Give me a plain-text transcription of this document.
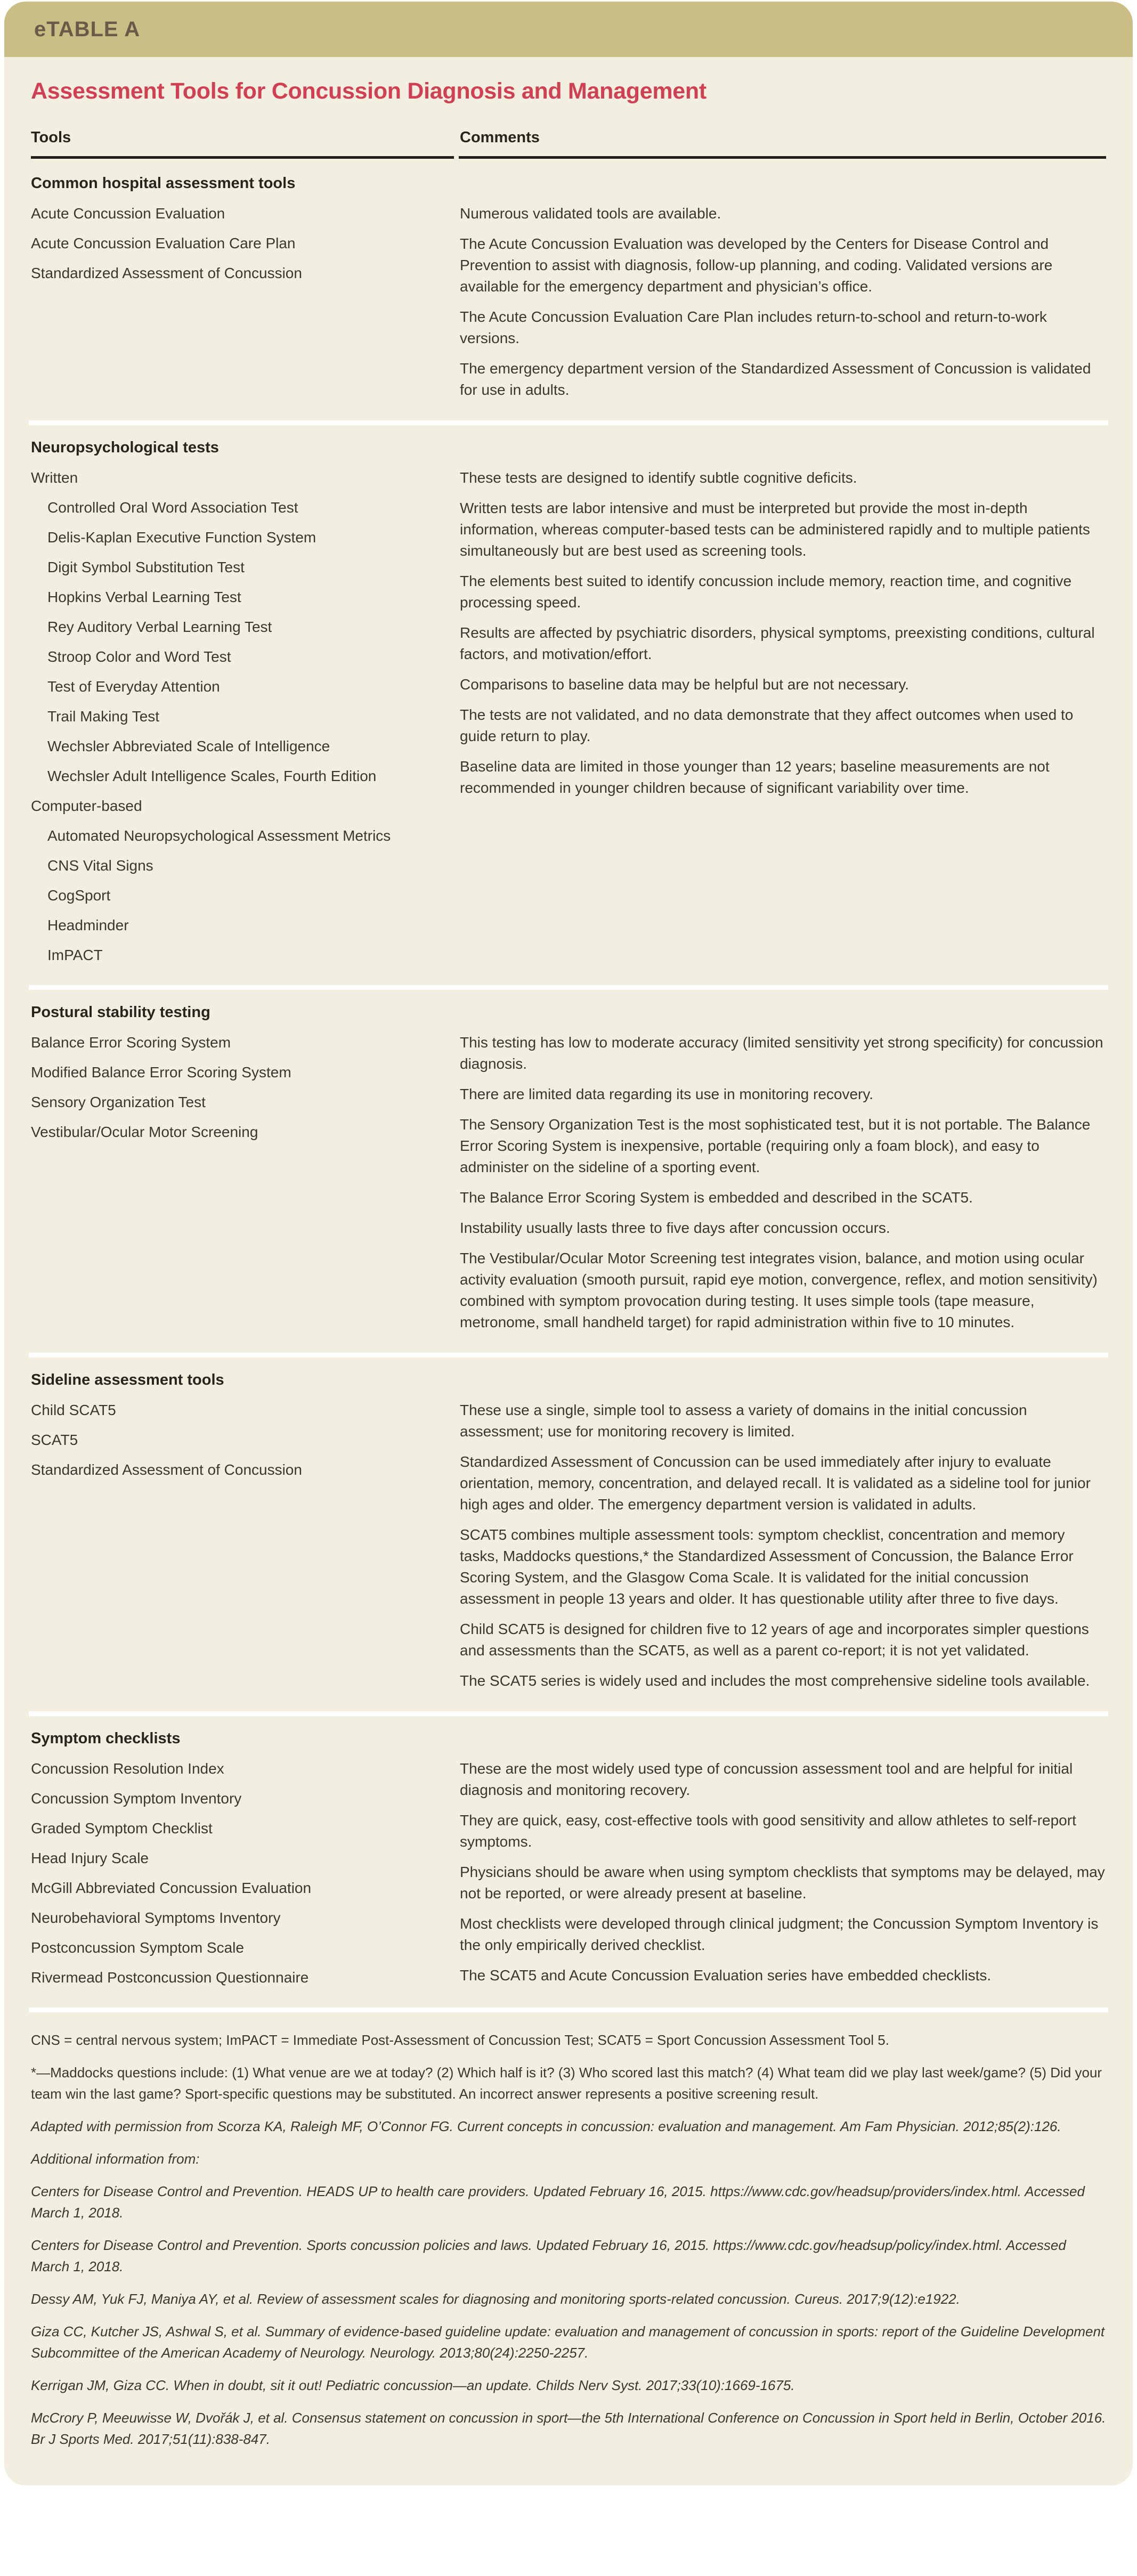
eTABLE A
Assessment Tools for Concussion Diagnosis and Management
Tools	Comments
Common hospital assessment tools
Acute Concussion Evaluation
Acute Concussion Evaluation Care Plan
Standardized Assessment of Concussion

Numerous validated tools are available.

The Acute Concussion Evaluation was developed by the Centers for Disease Control and Prevention to assist with diagnosis, follow-up planning, and coding. Validated versions are available for the emergency department and physician’s office.

The Acute Concussion Evaluation Care Plan includes return-to-school and return-to-work versions.

The emergency department version of the Standardized Assessment of Concussion is validated for use in adults.

Neuropsychological tests
Written
Controlled Oral Word Association Test
Delis-Kaplan Executive Function System
Digit Symbol Substitution Test
Hopkins Verbal Learning Test
Rey Auditory Verbal Learning Test
Stroop Color and Word Test
Test of Everyday Attention
Trail Making Test
Wechsler Abbreviated Scale of Intelligence
Wechsler Adult Intelligence Scales, Fourth Edition
Computer-based
Automated Neuropsychological Assessment Metrics
CNS Vital Signs
CogSport
Headminder
ImPACT

These tests are designed to identify subtle cognitive deficits.

Written tests are labor intensive and must be interpreted but provide the most in-depth information, whereas computer-based tests can be administered rapidly and to multiple patients simultaneously but are best used as screening tools.

The elements best suited to identify concussion include memory, reaction time, and cognitive processing speed.

Results are affected by psychiatric disorders, physical symptoms, preexisting conditions, cultural factors, and motivation/effort.

Comparisons to baseline data may be helpful but are not necessary.

The tests are not validated, and no data demonstrate that they affect outcomes when used to guide return to play.

Baseline data are limited in those younger than 12 years; baseline measurements are not recommended in younger children because of significant variability over time.

Postural stability testing
Balance Error Scoring System
Modified Balance Error Scoring System
Sensory Organization Test
Vestibular/Ocular Motor Screening

This testing has low to moderate accuracy (limited sensitivity yet strong specificity) for concussion diagnosis.

There are limited data regarding its use in monitoring recovery.

The Sensory Organization Test is the most sophisticated test, but it is not portable. The Balance Error Scoring System is inexpensive, portable (requiring only a foam block), and easy to administer on the sideline of a sporting event.

The Balance Error Scoring System is embedded and described in the SCAT5.

Instability usually lasts three to five days after concussion occurs.

The Vestibular/Ocular Motor Screening test integrates vision, balance, and motion using ocular activity evaluation (smooth pursuit, rapid eye motion, convergence, reflex, and motion sensitivity) combined with symptom provocation during testing. It uses simple tools (tape measure, metronome, small handheld target) for rapid administration within five to 10 minutes.

Sideline assessment tools
Child SCAT5
SCAT5
Standardized Assessment of Concussion

These use a single, simple tool to assess a variety of domains in the initial concussion assessment; use for monitoring recovery is limited.

Standardized Assessment of Concussion can be used immediately after injury to evaluate orientation, memory, concentration, and delayed recall. It is validated as a sideline tool for junior high ages and older. The emergency department version is validated in adults.

SCAT5 combines multiple assessment tools: symptom checklist, concentration and memory tasks, Maddocks questions,* the Standardized Assessment of Concussion, the Balance Error Scoring System, and the Glasgow Coma Scale. It is validated for the initial concussion assessment in people 13 years and older. It has questionable utility after three to five days.

Child SCAT5 is designed for children five to 12 years of age and incorporates simpler questions and assessments than the SCAT5, as well as a parent co-report; it is not yet validated.

The SCAT5 series is widely used and includes the most comprehensive sideline tools available.

Symptom checklists
Concussion Resolution Index
Concussion Symptom Inventory
Graded Symptom Checklist
Head Injury Scale
McGill Abbreviated Concussion Evaluation
Neurobehavioral Symptoms Inventory
Postconcussion Symptom Scale
Rivermead Postconcussion Questionnaire

These are the most widely used type of concussion assessment tool and are helpful for initial diagnosis and monitoring recovery.

They are quick, easy, cost-effective tools with good sensitivity and allow athletes to self-report symptoms.

Physicians should be aware when using symptom checklists that symptoms may be delayed, may not be reported, or were already present at baseline.

Most checklists were developed through clinical judgment; the Concussion Symptom Inventory is the only empirically derived checklist.

The SCAT5 and Acute Concussion Evaluation series have embedded checklists.

CNS = central nervous system; ImPACT = Immediate Post-Assessment of Concussion Test; SCAT5 = Sport Concussion Assessment Tool 5.

*—Maddocks questions include: (1) What venue are we at today? (2) Which half is it? (3) Who scored last this match? (4) What team did we play last week/game? (5) Did your team win the last game? Sport-specific questions may be substituted. An incorrect answer represents a positive screening result.

Adapted with permission from Scorza KA, Raleigh MF, O’Connor FG. Current concepts in concussion: evaluation and management. Am Fam Physician. 2012;85(2):126.

Additional information from:

Centers for Disease Control and Prevention. HEADS UP to health care providers. Updated February 16, 2015. https://www.cdc.gov/headsup/providers/index.html. Accessed March 1, 2018.

Centers for Disease Control and Prevention. Sports concussion policies and laws. Updated February 16, 2015. https://www.cdc.gov/headsup/policy/index.html. Accessed March 1, 2018.

Dessy AM, Yuk FJ, Maniya AY, et al. Review of assessment scales for diagnosing and monitoring sports-related concussion. Cureus. 2017;9(12):e1922.

Giza CC, Kutcher JS, Ashwal S, et al. Summary of evidence-based guideline update: evaluation and management of concussion in sports: report of the Guideline Development Subcommittee of the American Academy of Neurology. Neurology. 2013;80(24):2250-2257.

Kerrigan JM, Giza CC. When in doubt, sit it out! Pediatric concussion—an update. Childs Nerv Syst. 2017;33(10):1669-1675.

McCrory P, Meeuwisse W, Dvořák J, et al. Consensus statement on concussion in sport—the 5th International Conference on Concussion in Sport held in Berlin, October 2016. Br J Sports Med. 2017;51(11):838-847.
